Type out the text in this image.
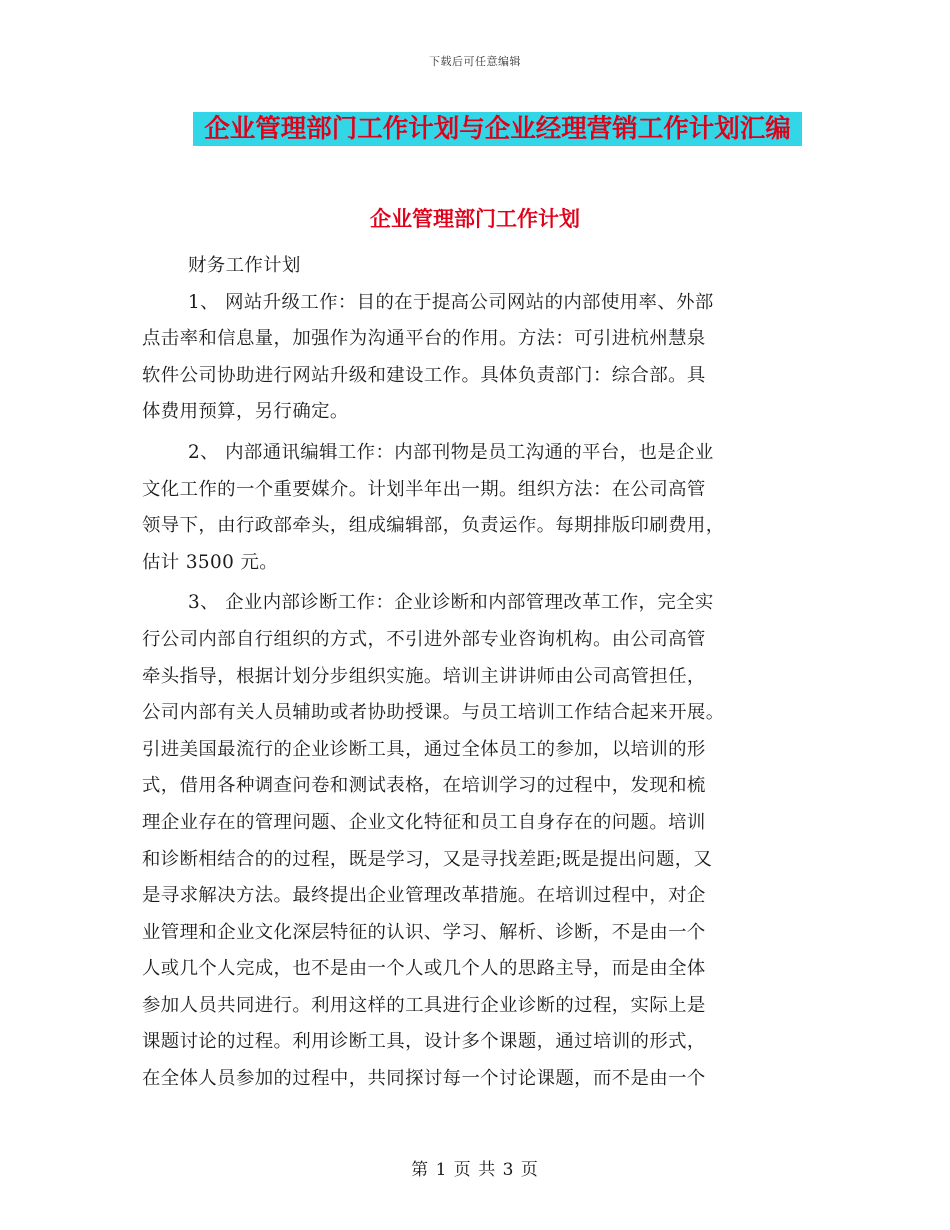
下载后可任意编辑
企业管理部门工作计划与企业经理营销工作计划汇编
企业管理部门工作计划

财务工作计划

1、 网站升级工作：目的在于提高公司网站的内部使用率、外部
点击率和信息量，加强作为沟通平台的作用。方法：可引进杭州慧泉
软件公司协助进行网站升级和建设工作。具体负责部门：综合部。具
体费用预算，另行确定。

2、 内部通讯编辑工作：内部刊物是员工沟通的平台，也是企业
文化工作的一个重要媒介。计划半年出一期。组织方法：在公司高管
领导下，由行政部牵头，组成编辑部，负责运作。每期排版印刷费用，
估计 3500 元。

3、 企业内部诊断工作：企业诊断和内部管理改革工作，完全实
行公司内部自行组织的方式，不引进外部专业咨询机构。由公司高管
牵头指导，根据计划分步组织实施。培训主讲讲师由公司高管担任，
公司内部有关人员辅助或者协助授课。与员工培训工作结合起来开展。
引进美国最流行的企业诊断工具，通过全体员工的参加，以培训的形
式，借用各种调查问卷和测试表格，在培训学习的过程中，发现和梳
理企业存在的管理问题、企业文化特征和员工自身存在的问题。培训
和诊断相结合的的过程，既是学习，又是寻找差距;既是提出问题，又
是寻求解决方法。最终提出企业管理改革措施。在培训过程中，对企
业管理和企业文化深层特征的认识、学习、解析、诊断，不是由一个
人或几个人完成，也不是由一个人或几个人的思路主导，而是由全体
参加人员共同进行。利用这样的工具进行企业诊断的过程，实际上是
课题讨论的过程。利用诊断工具，设计多个课题，通过培训的形式，
在全体人员参加的过程中，共同探讨每一个讨论课题，而不是由一个

第 1 页 共 3 页
